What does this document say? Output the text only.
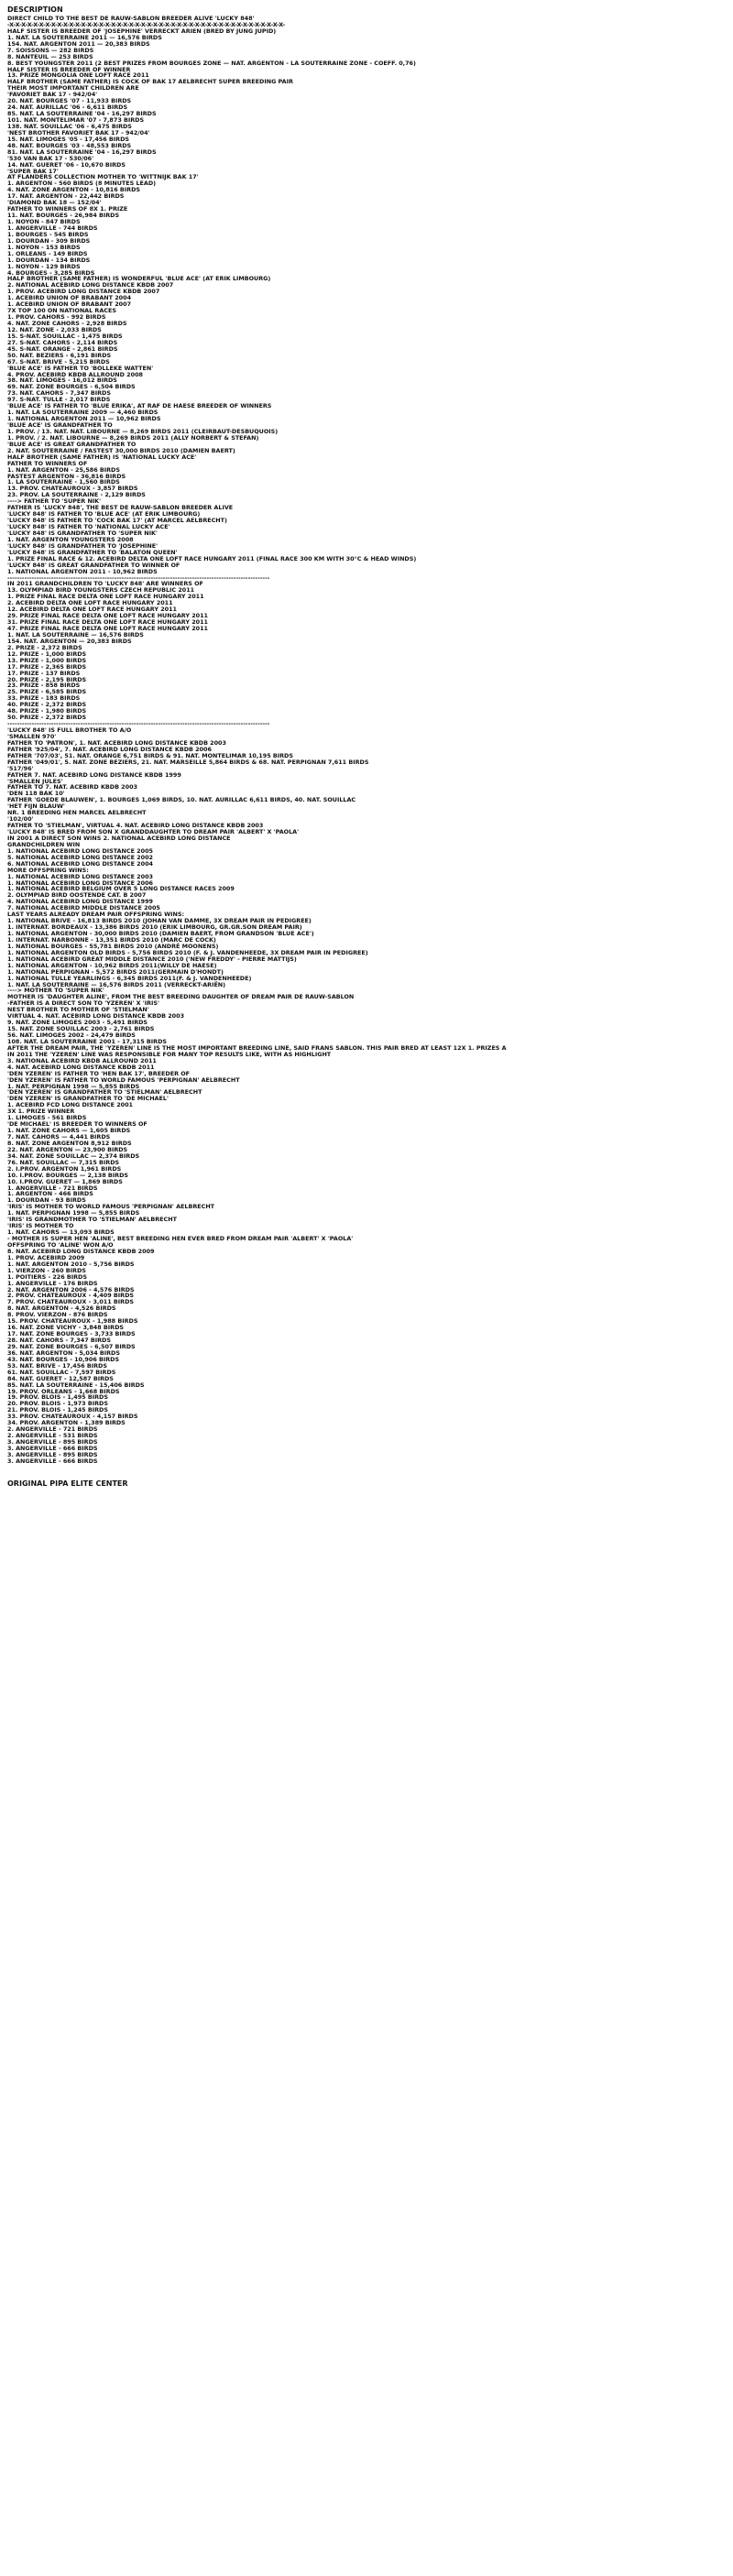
DESCRIPTION
DIRECT CHILD TO THE BEST DE RAUW-SABLON BREEDER ALIVE 'LUCKY 848'
-X-X-X-X-X-X-X-X-X-X-X-X-X-X-X-X-X-X-X-X-X-X-X-X-X-X-X-X-X-X-X-X-X-X-X-X-X-X-X-X-X-X-X-X-X-X-
HALF SISTER IS BREEDER OF 'JOSEPHINE' VERRECKT ARIEN (BRED BY JUNG JUPID)
1. NAT. LA SOUTERRAINE 2011 — 16,576 BIRDS
154. NAT. ARGENTON 2011 — 20,383 BIRDS
7. SOISSONS — 282 BIRDS
8. NANTEUIL — 253 BIRDS
8. BEST YOUNGSTER 2011 (2 BEST PRIZES FROM BOURGES ZONE — NAT. ARGENTON - LA SOUTERRAINE ZONE - COEFF. 0,76)
HALF SISTER IS BREEDER OF WINNER
13. PRIZE MONGOLIA ONE LOFT RACE 2011
HALF BROTHER (SAME FATHER) IS COCK OF BAK 17 AELBRECHT SUPER BREEDING PAIR
THEIR MOST IMPORTANT CHILDREN ARE
'FAVORIET BAK 17 - 942/04'
20. NAT. BOURGES '07 - 11,933 BIRDS
24. NAT. AURILLAC '06 - 6,611 BIRDS
85. NAT. LA SOUTERRAINE '04 - 16,297 BIRDS
101. NAT. MONTELIMAR '07 - 7,873 BIRDS
138. NAT. SOUILLAC '06 - 6,475 BIRDS
'NEST BROTHER FAVORIET BAK 17 - 942/04'
15. NAT. LIMOGES '05 - 17,456 BIRDS
48. NAT. BOURGES '03 - 48,553 BIRDS
81. NAT. LA SOUTERRAINE '04 - 16,297 BIRDS
'530 VAN BAK 17 - 530/06'
14. NAT. GUERET '06 - 10,670 BIRDS
'SUPER BAK 17'
AT FLANDERS COLLECTION MOTHER TO 'WITTNIJK BAK 17'
1. ARGENTON - 560 BIRDS (8 MINUTES LEAD)
4. NAT. ZONE ARGENTON - 10,816 BIRDS
17. NAT. ARGENTON - 22,442 BIRDS
'DIAMOND BAK 18 — 152/04'
FATHER TO WINNERS OF 8X 1. PRIZE
11. NAT. BOURGES - 26,984 BIRDS
1. NOYON - 847 BIRDS
1. ANGERVILLE - 744 BIRDS
1. BOURGES - 545 BIRDS
1. DOURDAN - 309 BIRDS
1. NOYON - 153 BIRDS
1. ORLEANS - 149 BIRDS
1. DOURDAN - 134 BIRDS
1. NOYON - 129 BIRDS
4. BOURGES - 3,285 BIRDS
HALF BROTHER (SAME FATHER) IS WONDERFUL 'BLUE ACE' (AT ERIK LIMBOURG)
2. NATIONAL ACEBIRD LONG DISTANCE KBDB 2007
1. PROV. ACEBIRD LONG DISTANCE KBDB 2007
1. ACEBIRD UNION OF BRABANT 2004
1. ACEBIRD UNION OF BRABANT 2007
7X TOP 100 ON NATIONAL RACES
1. PROV. CAHORS - 992 BIRDS
4. NAT. ZONE CAHORS - 2,928 BIRDS
12. NAT. ZONE - 2,033 BIRDS
15. S-NAT. SOUILLAC - 1,475 BIRDS
27. S-NAT. CAHORS - 2,114 BIRDS
45. S-NAT. ORANGE - 2,861 BIRDS
50. NAT. BEZIERS - 6,191 BIRDS
67. S-NAT. BRIVE - 5,215 BIRDS
'BLUE ACE' IS FATHER TO 'BOLLEKE WATTEN'
4. PROV. ACEBIRD KBDB ALLROUND 2008
38. NAT. LIMOGES - 16,012 BIRDS
69. NAT. ZONE BOURGES - 6,504 BIRDS
73. NAT. CAHORS - 7,347 BIRDS
97. S-NAT. TULLE - 2,017 BIRDS
'BLUE ACE' IS FATHER TO 'BLUE ERIKA', AT RAF DE HAESE BREEDER OF WINNERS
1. NAT. LA SOUTERRAINE 2009 — 4,460 BIRDS
1. NATIONAL ARGENTON 2011 — 10,962 BIRDS
'BLUE ACE' IS GRANDFATHER TO
1. PROV. / 13. NAT. NAT. LIBOURNE — 8,269 BIRDS 2011 (CLEIRBAUT-DESBUQUOIS)
1. PROV. / 2. NAT. LIBOURNE — 8,269 BIRDS 2011 (ALLY NORBERT & STEFAN)
'BLUE ACE' IS GREAT GRANDFATHER TO
2. NAT. SOUTERRAINE / FASTEST 30,000 BIRDS 2010 (DAMIEN BAERT)
HALF BROTHER (SAME FATHER) IS 'NATIONAL LUCKY ACE'
FATHER TO WINNERS OF
1. NAT. ARGENTON - 25,586 BIRDS
FASTEST ARGENTON - 36,816 BIRDS
1. LA SOUTERRAINE - 1,560 BIRDS
13. PROV. CHATEAUROUX - 3,857 BIRDS
23. PROV. LA SOUTERRAINE - 2,129 BIRDS
----> FATHER TO 'SUPER NIK'
FATHER IS 'LUCKY 848', THE BEST DE RAUW-SABLON BREEDER ALIVE
'LUCKY 848' IS FATHER TO 'BLUE ACE' (AT ERIK LIMBOURG)
'LUCKY 848' IS FATHER TO 'COCK BAK 17' (AT MARCEL AELBRECHT)
'LUCKY 848' IS FATHER TO 'NATIONAL LUCKY ACE'
'LUCKY 848' IS GRANDFATHER TO 'SUPER NIK'
1. NAT. ARGENTON YOUNGSTERS 2008
'LUCKY 848' IS GRANDFATHER TO 'JOSEPHINE'
'LUCKY 848' IS GRANDFATHER TO 'BALATON QUEEN'
1. PRIZE FINAL RACE & 12. ACEBIRD DELTA ONE LOFT RACE HUNGARY 2011 (FINAL RACE 300 KM WITH 30°C & HEAD WINDS)
'LUCKY 848' IS GREAT GRANDFATHER TO WINNER OF
1. NATIONAL ARGENTON 2011 - 10,962 BIRDS
------------------------------------------------------------------------------------------------------------
IN 2011 GRANDCHILDREN TO 'LUCKY 848' ARE WINNERS OF
13. OLYMPIAD BIRD YOUNGSTERS CZECH REPUBLIC 2011
1. PRIZE FINAL RACE DELTA ONE LOFT RACE HUNGARY 2011
2. ACEBIRD DELTA ONE LOFT RACE HUNGARY 2011
12. ACEBIRD DELTA ONE LOFT RACE HUNGARY 2011
29. PRIZE FINAL RACE DELTA ONE LOFT RACE HUNGARY 2011
31. PRIZE FINAL RACE DELTA ONE LOFT RACE HUNGARY 2011
47. PRIZE FINAL RACE DELTA ONE LOFT RACE HUNGARY 2011
1. NAT. LA SOUTERRAINE — 16,576 BIRDS
154. NAT. ARGENTON — 20,383 BIRDS
2. PRIZE - 2,372 BIRDS
12. PRIZE - 1,000 BIRDS
13. PRIZE - 1,000 BIRDS
17. PRIZE - 2,365 BIRDS
17. PRIZE - 137 BIRDS
20. PRIZE - 2,195 BIRDS
23. PRIZE - 858 BIRDS
25. PRIZE - 6,585 BIRDS
33. PRIZE - 183 BIRDS
40. PRIZE - 2,372 BIRDS
48. PRIZE - 1,980 BIRDS
50. PRIZE - 2,372 BIRDS
------------------------------------------------------------------------------------------------------------
'LUCKY 848' IS FULL BROTHER TO A/O
'SMALLEN 970'
FATHER TO 'PATRON', 1. NAT. ACEBIRD LONG DISTANCE KBDB 2003
FATHER '925/04', 7. NAT. ACEBIRD LONG DISTANCE KBDB 2006
FATHER '707/03', 51. NAT. ORANGE 6,751 BIRDS & 91. NAT. MONTELIMAR 10,195 BIRDS
FATHER '049/01', 5. NAT. ZONE BEZIERS, 21. NAT. MARSEILLE 5,864 BIRDS & 68. NAT. PERPIGNAN 7,611 BIRDS
'517/96'
FATHER 7. NAT. ACEBIRD LONG DISTANCE KBDB 1999
'SMALLEN JULES'
FATHER TO 7. NAT. ACEBIRD KBDB 2003
'DEN 118 BAK 10'
FATHER 'GOEDE BLAUWEN', 1. BOURGES 1,069 BIRDS, 10. NAT. AURILLAC 6,611 BIRDS, 40. NAT. SOUILLAC
'HET FIJN BLAUW'
NR. 1 BREEDING HEN MARCEL AELBRECHT
'102/00'
FATHER TO 'STIELMAN', VIRTUAL 4. NAT. ACEBIRD LONG DISTANCE KBDB 2003
'LUCKY 848' IS BRED FROM SON X GRANDDAUGHTER TO DREAM PAIR 'ALBERT' X 'PAOLA'
IN 2001 A DIRECT SON WINS 2. NATIONAL ACEBIRD LONG DISTANCE
GRANDCHILDREN WIN
1. NATIONAL ACEBIRD LONG DISTANCE 2005
5. NATIONAL ACEBIRD LONG DISTANCE 2002
6. NATIONAL ACEBIRD LONG DISTANCE 2004
MORE OFFSPRING WINS:
1. NATIONAL ACEBIRD LONG DISTANCE 2003
1. NATIONAL ACEBIRD LONG DISTANCE 2006
1. NATIONAL ACEBIRD BELGIUM OVER 5 LONG DISTANCE RACES 2009
2. OLYMPIAD BIRD OOSTENDE CAT. B 2007
4. NATIONAL ACEBIRD LONG DISTANCE 1999
7. NATIONAL ACEBIRD MIDDLE DISTANCE 2005
LAST YEARS ALREADY DREAM PAIR OFFSPRING WINS:
1. NATIONAL BRIVE - 16,813 BIRDS 2010 (JOHAN VAN DAMME, 3X DREAM PAIR IN PEDIGREE)
1. INTERNAT. BORDEAUX - 13,386 BIRDS 2010 (ERIK LIMBOURG, GR.GR.SON DREAM PAIR)
1. NATIONAL ARGENTON - 30,000 BIRDS 2010 (DAMIEN BAERT, FROM GRANDSON 'BLUE ACE')
1. INTERNAT. NARBONNE - 13,351 BIRDS 2010 (MARC DE COCK)
1. NATIONAL BOURGES - 55,781 BIRDS 2010 (ANDRÉ MOONENS)
1. NATIONAL ARGENTON OLD BIRDS - 5,756 BIRDS 2010 (F. & J. VANDENHEEDE, 3X DREAM PAIR IN PEDIGREE)
1. NATIONAL ACEBIRD GREAT MIDDLE DISTANCE 2010 ('NEW FREDDY' - PIERRE MATTIJS)
1. NATIONAL ARGENTON - 10,962 BIRDS 2011(WILLY DE HAESE)
1. NATIONAL PERPIGNAN - 5,572 BIRDS 2011(GERMAIN D'HONDT)
1. NATIONAL TULLE YEARLINGS - 6,345 BIRDS 2011(F. & J. VANDENHEEDE)
1. NAT. LA SOUTERRAINE — 16,576 BIRDS 2011 (VERRECKT-ARIËN)
----> MOTHER TO 'SUPER NIK'
MOTHER IS 'DAUGHTER ALINE', FROM THE BEST BREEDING DAUGHTER OF DREAM PAIR DE RAUW-SABLON
-FATHER IS A DIRECT SON TO 'YZEREN' X 'IRIS'
NEST BROTHER TO MOTHER OF 'STIELMAN'
VIRTUAL 4. NAT. ACEBIRD LONG DISTANCE KBDB 2003
9. NAT. ZONE LIMOGES 2003 - 5,491 BIRDS
15. NAT. ZONE SOUILLAC 2003 - 2,761 BIRDS
56. NAT. LIMOGES 2002 - 24,479 BIRDS
108. NAT. LA SOUTERRAINE 2001 - 17,315 BIRDS
AFTER THE DREAM PAIR, THE 'YZEREN' LINE IS THE MOST IMPORTANT BREEDING LINE, SAID FRANS SABLON. THIS PAIR BRED AT LEAST 12X 1. PRIZES A
IN 2011 THE 'YZEREN' LINE WAS RESPONSIBLE FOR MANY TOP RESULTS LIKE, WITH AS HIGHLIGHT
3. NATIONAL ACEBIRD KBDB ALLROUND 2011
4. NAT. ACEBIRD LONG DISTANCE KBDB 2011
'DEN YZEREN' IS FATHER TO 'HEN BAK 17', BREEDER OF
'DEN YZEREN' IS FATHER TO WORLD FAMOUS 'PERPIGNAN' AELBRECHT
1. NAT. PERPIGNAN 1998 — 5,855 BIRDS
'DEN YZEREN' IS GRANDFATHER TO 'STIELMAN' AELBRECHT
'DEN YZEREN' IS GRANDFATHER TO 'DE MICHAEL'
1. ACEBIRD FCD LONG DISTANCE 2001
3X 1. PRIZE WINNER
1. LIMOGES - 561 BIRDS
'DE MICHAEL' IS BREEDER TO WINNERS OF
1. NAT. ZONE CAHORS — 1,605 BIRDS
7. NAT. CAHORS — 4,441 BIRDS
8. NAT. ZONE ARGENTON 8,912 BIRDS
22. NAT. ARGENTON — 23,900 BIRDS
34. NAT. ZONE SOUILLAC — 2,374 BIRDS
76. NAT. SOUILLAC — 7,315 BIRDS
2. I.PROV. ARGENTON 1,961 BIRDS
10. I.PROV. BOURGES — 2,138 BIRDS
10. I.PROV. GUERET — 1,869 BIRDS
1. ANGERVILLE - 721 BIRDS
1. ARGENTON - 466 BIRDS
1. DOURDAN - 93 BIRDS
'IRIS' IS MOTHER TO WORLD FAMOUS 'PERPIGNAN' AELBRECHT
1. NAT. PERPIGNAN 1998 — 5,855 BIRDS
'IRIS' IS GRANDMOTHER TO 'STIELMAN' AELBRECHT
'IRIS' IS MOTHER TO
1. NAT. CAHORS — 13,093 BIRDS
- MOTHER IS SUPER HEN 'ALINE', BEST BREEDING HEN EVER BRED FROM DREAM PAIR 'ALBERT' X 'PAOLA'
OFFSPRING TO 'ALINE' WON A/O
8. NAT. ACEBIRD LONG DISTANCE KBDB 2009
1. PROV. ACEBIRD 2009
1. NAT. ARGENTON 2010 - 5,756 BIRDS
1. VIERZON - 260 BIRDS
1. POITIERS - 226 BIRDS
1. ANGERVILLE - 176 BIRDS
2. NAT. ARGENTON 2006 - 4,576 BIRDS
2. PROV. CHATEAUROUX - 4,409 BIRDS
7. PROV. CHATEAUROUX - 3,011 BIRDS
8. NAT. ARGENTON - 4,526 BIRDS
8. PROV. VIERZON - 876 BIRDS
15. PROV. CHATEAUROUX - 1,988 BIRDS
16. NAT. ZONE VICHY - 3,848 BIRDS
17. NAT. ZONE BOURGES - 3,733 BIRDS
28. NAT. CAHORS - 7,347 BIRDS
29. NAT. ZONE BOURGES - 6,507 BIRDS
36. NAT. ARGENTON - 5,034 BIRDS
43. NAT. BOURGES - 10,906 BIRDS
53. NAT. BRIVE - 17,456 BIRDS
61. NAT. SOUILLAC - 7,597 BIRDS
84. NAT. GUERET - 12,587 BIRDS
85. NAT. LA SOUTERRAINE - 15,406 BIRDS
19. PROV. ORLEANS - 1,668 BIRDS
19. PROV. BLOIS - 1,495 BIRDS
20. PROV. BLOIS - 1,973 BIRDS
21. PROV. BLOIS - 1,245 BIRDS
33. PROV. CHATEAUROUX - 4,157 BIRDS
34. PROV. ARGENTON - 1,389 BIRDS
2. ANGERVILLE - 721 BIRDS
2. ANGERVILLE - 531 BIRDS
3. ANGERVILLE - 895 BIRDS
3. ANGERVILLE - 666 BIRDS
3. ANGERVILLE - 895 BIRDS
3. ANGERVILLE - 666 BIRDS
ORIGINAL PIPA ELITE CENTER
